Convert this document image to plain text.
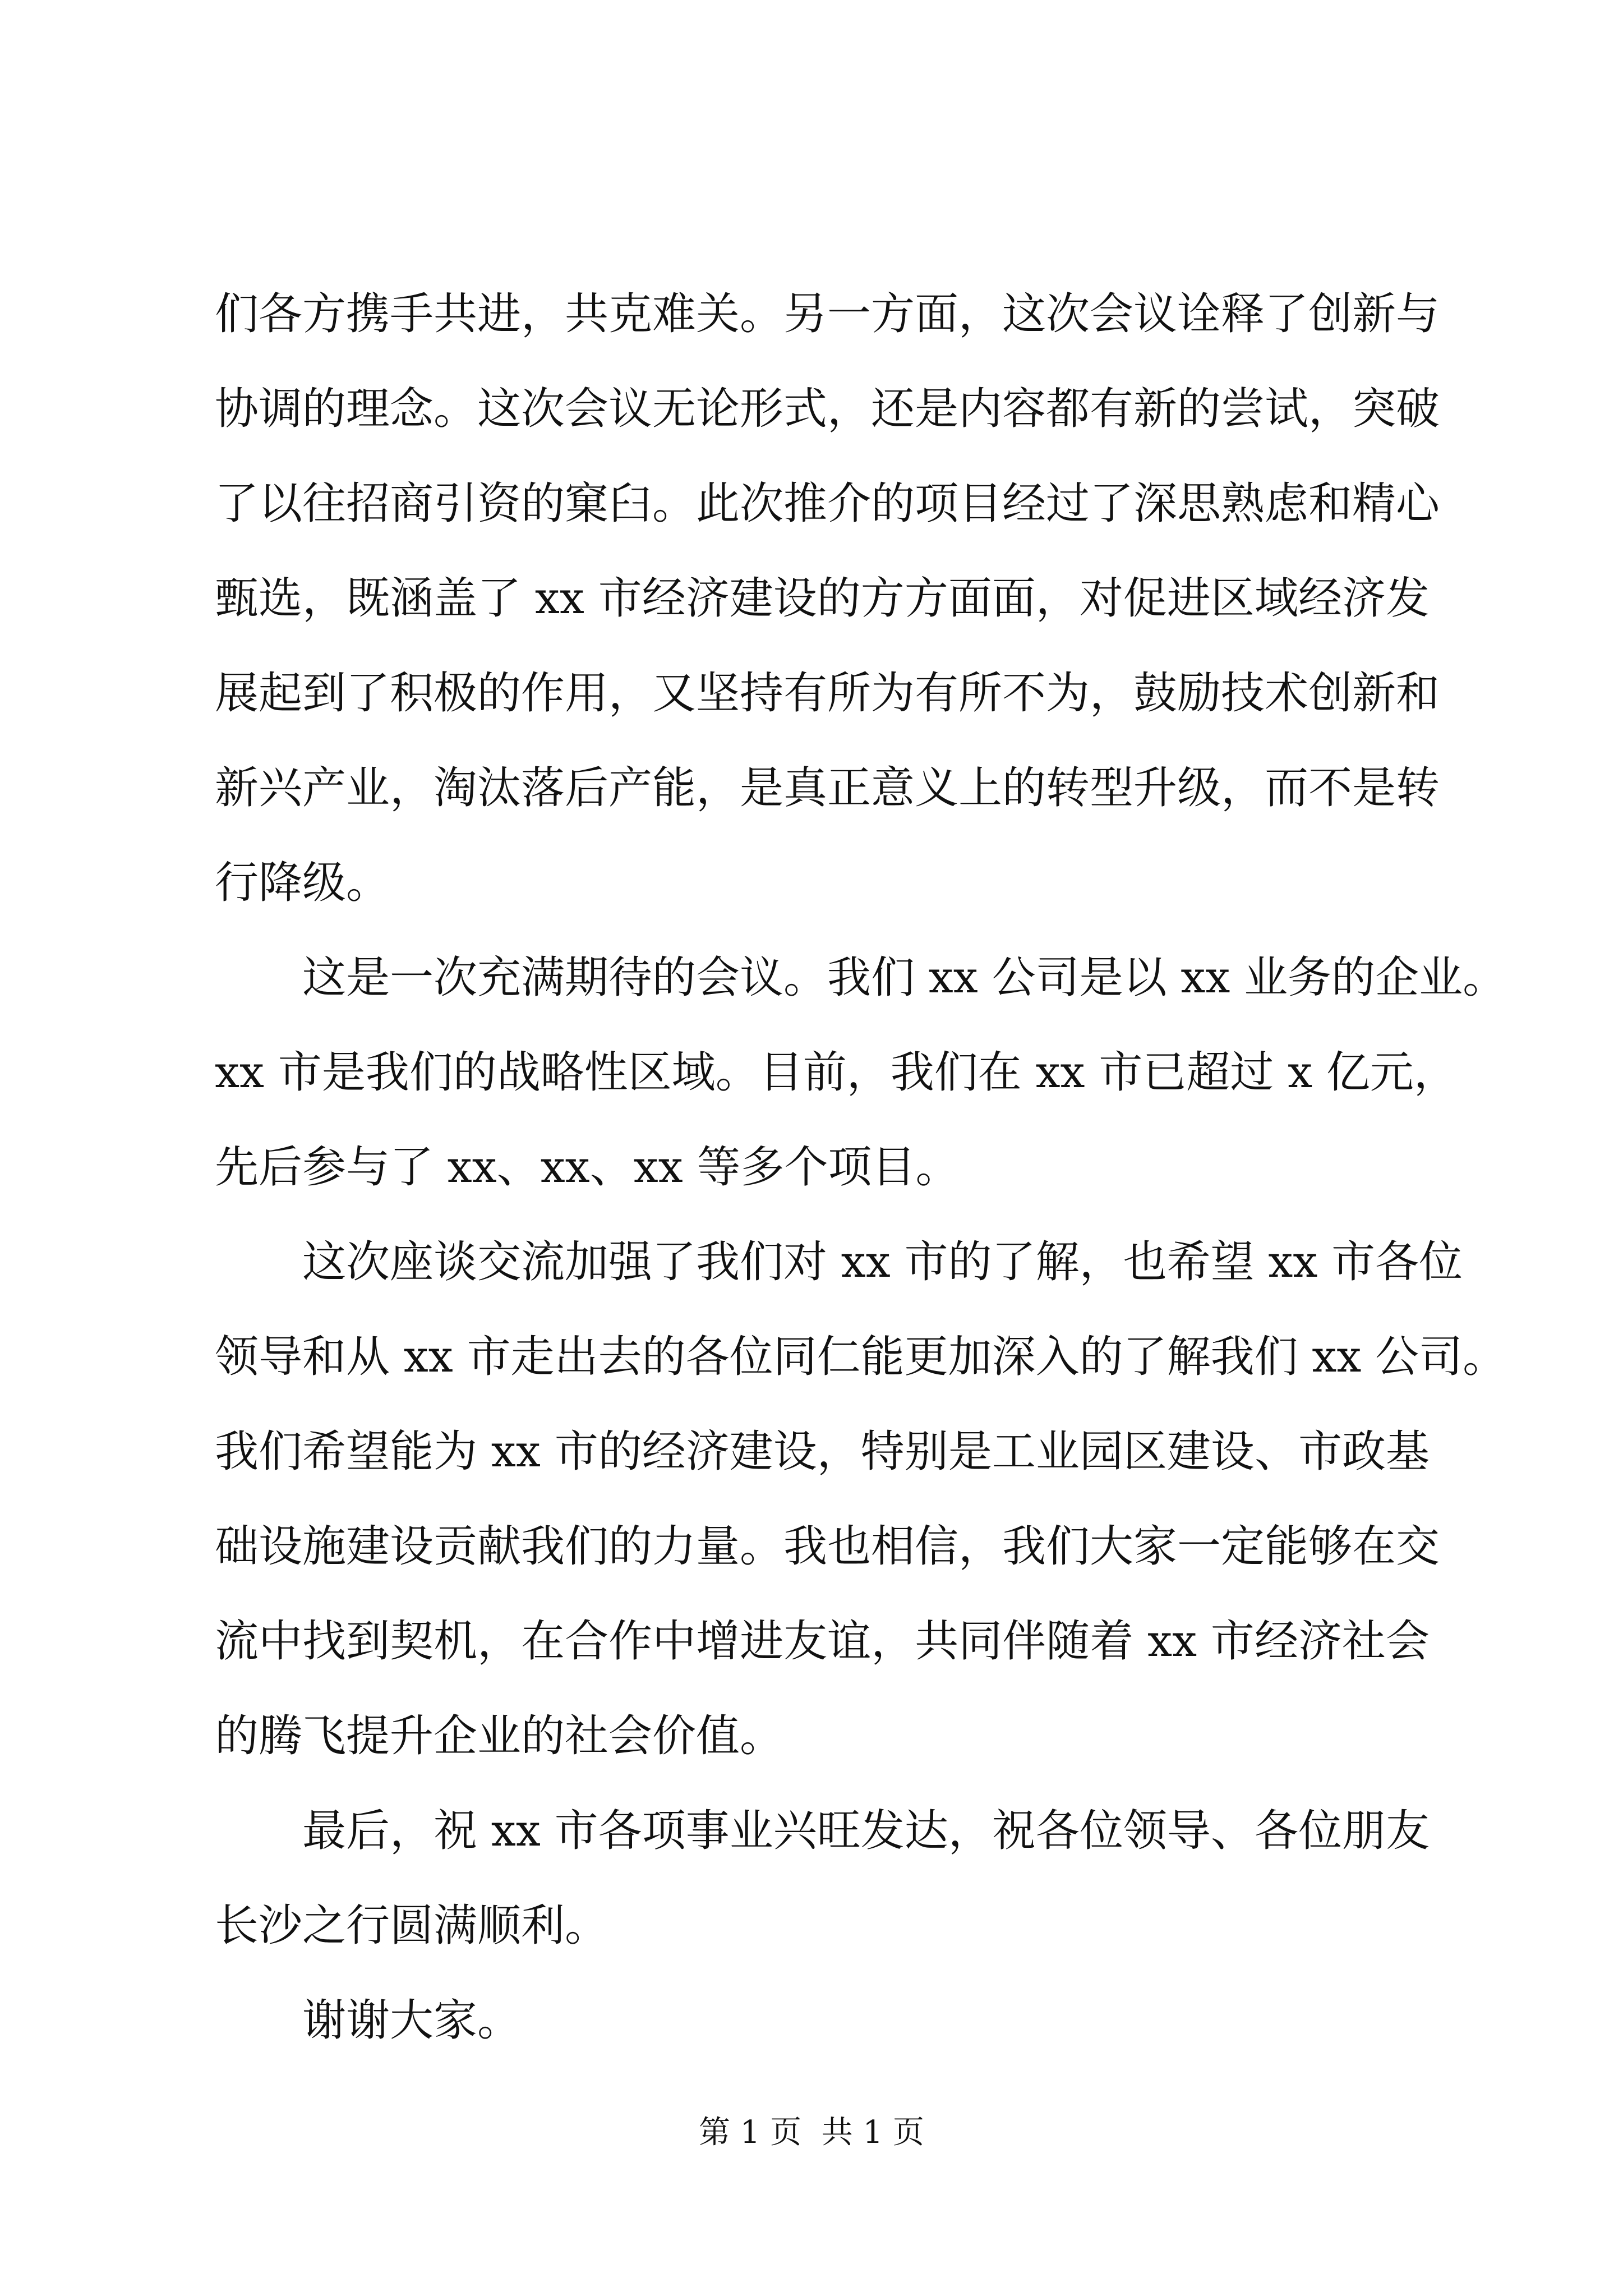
们各方携手共进，共克难关。另一方面，这次会议诠释了创新与
协调的理念。这次会议无论形式，还是内容都有新的尝试，突破
了以往招商引资的窠臼。此次推介的项目经过了深思熟虑和精心
甄选，既涵盖了 xx 市经济建设的方方面面，对促进区域经济发
展起到了积极的作用，又坚持有所为有所不为，鼓励技术创新和
新兴产业，淘汰落后产能，是真正意义上的转型升级，而不是转
行降级。
这是一次充满期待的会议。我们 xx 公司是以 xx 业务的企业。
xx 市是我们的战略性区域。目前，我们在 xx 市已超过 x 亿元，
先后参与了 xx、xx、xx 等多个项目。
这次座谈交流加强了我们对 xx 市的了解，也希望 xx 市各位
领导和从 xx 市走出去的各位同仁能更加深入的了解我们 xx 公司。
我们希望能为 xx 市的经济建设，特别是工业园区建设、市政基
础设施建设贡献我们的力量。我也相信，我们大家一定能够在交
流中找到契机，在合作中增进友谊，共同伴随着 xx 市经济社会
的腾飞提升企业的社会价值。
最后，祝 xx 市各项事业兴旺发达，祝各位领导、各位朋友
长沙之行圆满顺利。
谢谢大家。
第 1 页  共 1 页
